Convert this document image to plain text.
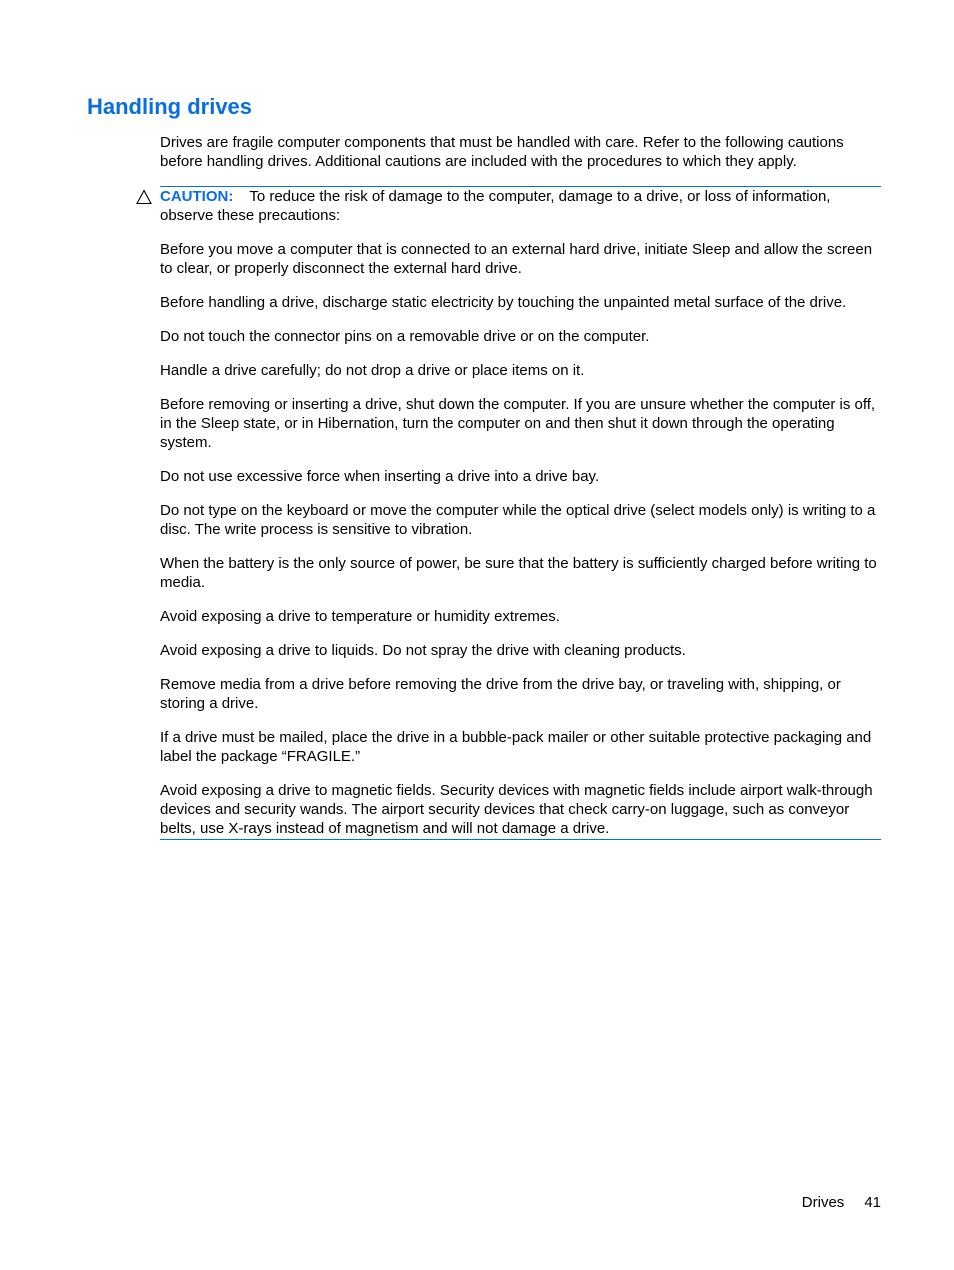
Handling drives

Drives are fragile computer components that must be handled with care. Refer to the following cautions before handling drives. Additional cautions are included with the procedures to which they apply.

CAUTION: To reduce the risk of damage to the computer, damage to a drive, or loss of information, observe these precautions:

Before you move a computer that is connected to an external hard drive, initiate Sleep and allow the screen to clear, or properly disconnect the external hard drive.

Before handling a drive, discharge static electricity by touching the unpainted metal surface of the drive.

Do not touch the connector pins on a removable drive or on the computer.

Handle a drive carefully; do not drop a drive or place items on it.

Before removing or inserting a drive, shut down the computer. If you are unsure whether the computer is off, in the Sleep state, or in Hibernation, turn the computer on and then shut it down through the operating system.

Do not use excessive force when inserting a drive into a drive bay.

Do not type on the keyboard or move the computer while the optical drive (select models only) is writing to a disc. The write process is sensitive to vibration.

When the battery is the only source of power, be sure that the battery is sufficiently charged before writing to media.

Avoid exposing a drive to temperature or humidity extremes.

Avoid exposing a drive to liquids. Do not spray the drive with cleaning products.

Remove media from a drive before removing the drive from the drive bay, or traveling with, shipping, or storing a drive.

If a drive must be mailed, place the drive in a bubble-pack mailer or other suitable protective packaging and label the package “FRAGILE.”

Avoid exposing a drive to magnetic fields. Security devices with magnetic fields include airport walk-through devices and security wands. The airport security devices that check carry-on luggage, such as conveyor belts, use X-rays instead of magnetism and will not damage a drive.

Drives 41
